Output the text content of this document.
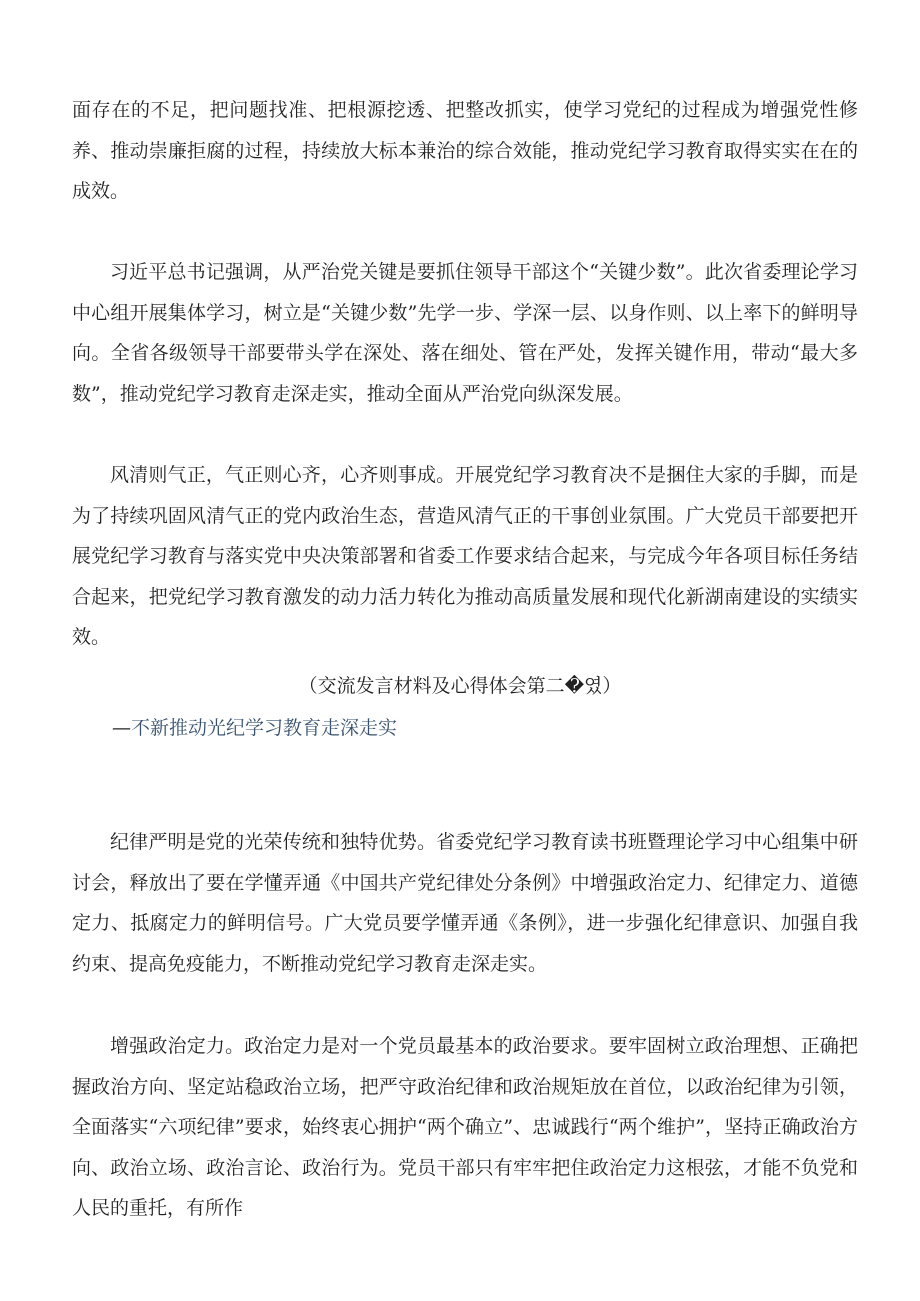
面存在的不足，把问题找准、把根源挖透、把整改抓实，使学习党纪的过程成为增强党性修养、推动崇廉拒腐的过程，持续放大标本兼治的综合效能，推动党纪学习教育取得实实在在的成效。

习近平总书记强调，从严治党关键是要抓住领导干部这个“关键少数”。此次省委理论学习中心组开展集体学习，树立是“关键少数”先学一步、学深一层、以身作则、以上率下的鲜明导向。全省各级领导干部要带头学在深处、落在细处、管在严处，发挥关键作用，带动“最大多数”，推动党纪学习教育走深走实，推动全面从严治党向纵深发展。

风清则气正，气正则心齐，心齐则事成。开展党纪学习教育决不是捆住大家的手脚，而是为了持续巩固风清气正的党内政治生态，营造风清气正的干事创业氛围。广大党员干部要把开展党纪学习教育与落实党中央决策部署和省委工作要求结合起来，与完成今年各项目标任务结合起来，把党纪学习教育激发的动力活力转化为推动高质量发展和现代化新湖南建设的实绩实效。

（交流发言材料及心得体会第二�였）

—不新推动光纪学习教育走深走实

纪律严明是党的光荣传统和独特优势。省委党纪学习教育读书班暨理论学习中心组集中研讨会，释放出了要在学懂弄通《中国共产党纪律处分条例》中增强政治定力、纪律定力、道德定力、抵腐定力的鲜明信号。广大党员要学懂弄通《条例》，进一步强化纪律意识、加强自我约束、提高免疫能力，不断推动党纪学习教育走深走实。

增强政治定力。政治定力是对一个党员最基本的政治要求。要牢固树立政治理想、正确把握政治方向、坚定站稳政治立场，把严守政治纪律和政治规矩放在首位，以政治纪律为引领，全面落实“六项纪律”要求，始终衷心拥护“两个确立”、忠诚践行“两个维护”，坚持正确政治方向、政治立场、政治言论、政治行为。党员干部只有牢牢把住政治定力这根弦，才能不负党和人民的重托，有所作
